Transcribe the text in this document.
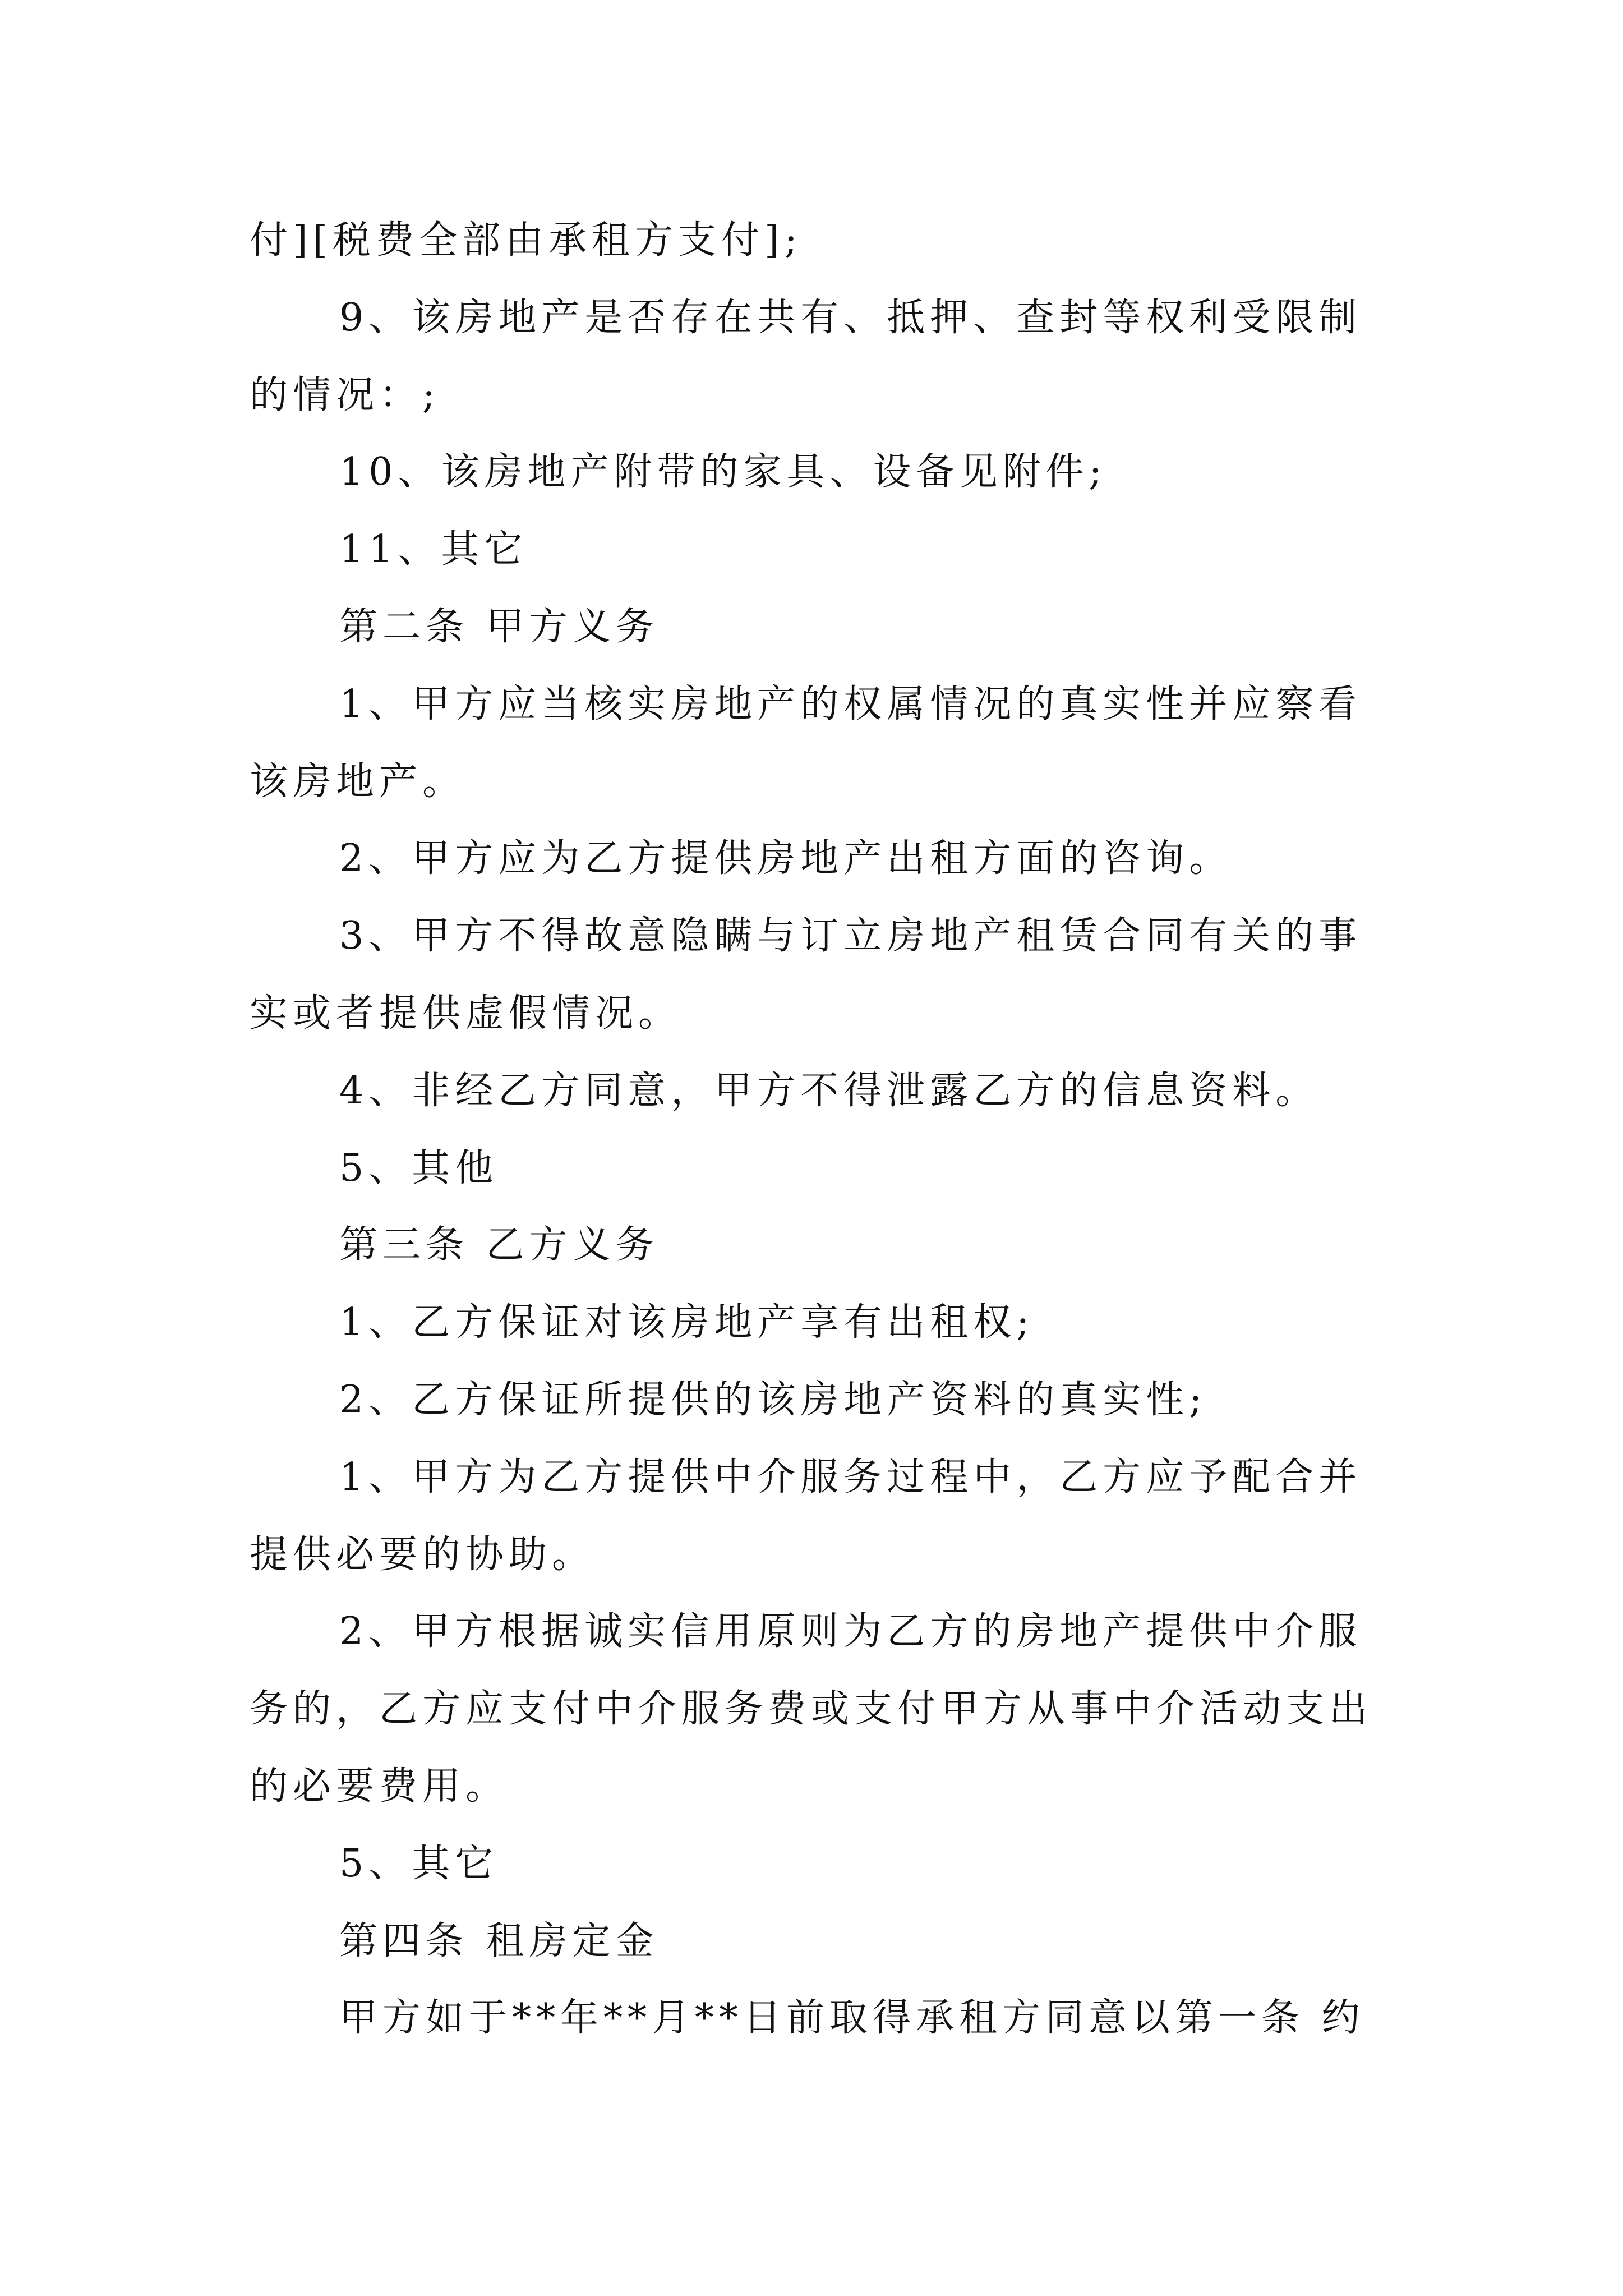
付][税费全部由承租方支付];
9、该房地产是否存在共有、抵押、查封等权利受限制
的情况：;
10、该房地产附带的家具、设备见附件;
11、其它
第二条 甲方义务
1、甲方应当核实房地产的权属情况的真实性并应察看
该房地产。
2、甲方应为乙方提供房地产出租方面的咨询。
3、甲方不得故意隐瞒与订立房地产租赁合同有关的事
实或者提供虚假情况。
4、非经乙方同意，甲方不得泄露乙方的信息资料。
5、其他
第三条 乙方义务
1、乙方保证对该房地产享有出租权;
2、乙方保证所提供的该房地产资料的真实性;
1、甲方为乙方提供中介服务过程中，乙方应予配合并
提供必要的协助。
2、甲方根据诚实信用原则为乙方的房地产提供中介服
务的，乙方应支付中介服务费或支付甲方从事中介活动支出
的必要费用。
5、其它
第四条 租房定金
甲方如于**年**月**日前取得承租方同意以第一条 约
